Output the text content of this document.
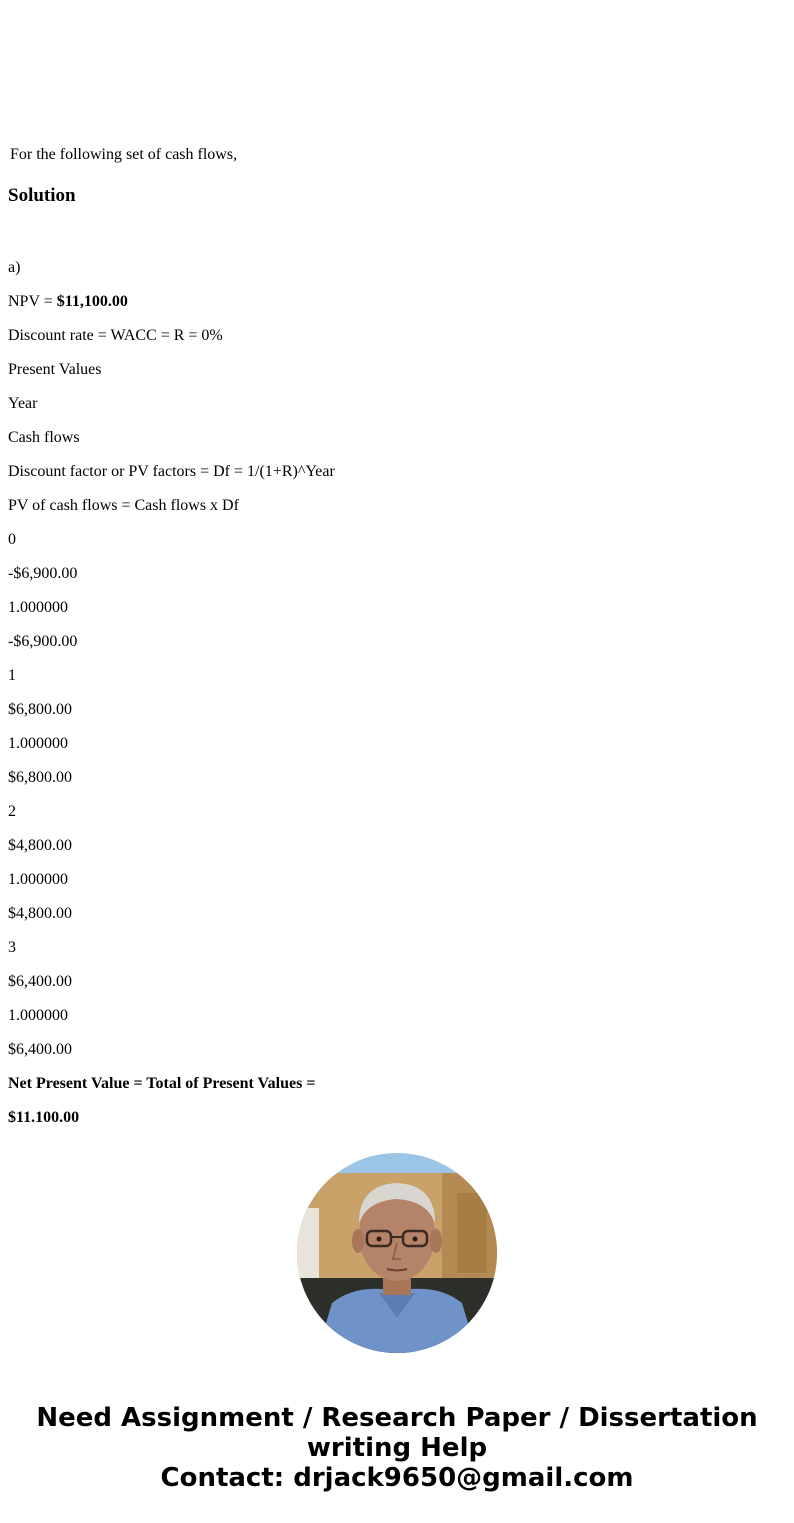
For the following set of cash flows,

Solution

a)

NPV = $11,100.00

Discount rate = WACC = R = 0%

Present Values

Year

Cash flows

Discount factor or PV factors = Df = 1/(1+R)^Year

PV of cash flows = Cash flows x Df

0

-$6,900.00

1.000000

-$6,900.00

1

$6,800.00

1.000000

$6,800.00

2

$4,800.00

1.000000

$4,800.00

3

$6,400.00

1.000000

$6,400.00

Net Present Value = Total of Present Values =

$11.100.00

Need Assignment / Research Paper / Dissertation
writing Help
Contact: drjack9650@gmail.com
